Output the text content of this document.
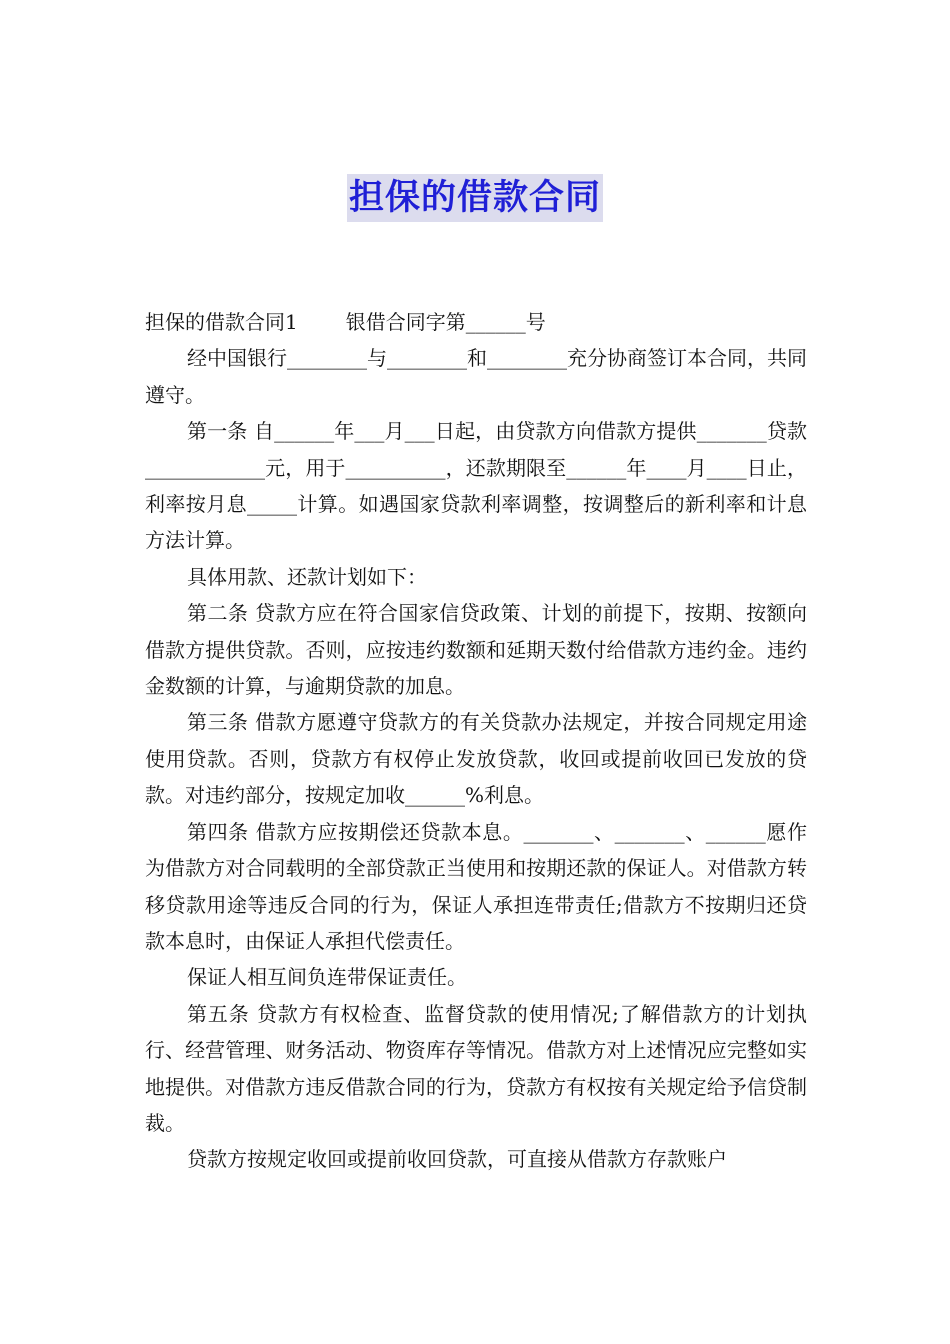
担保的借款合同

担保的借款合同1 银借合同字第______号

经中国银行________与________和________充分协商签订本合同，共同遵守。

第一条 自______年___月___日起，由贷款方向借款方提供_______贷款____________元，用于__________，还款期限至______年____月____日止，利率按月息_____计算。如遇国家贷款利率调整，按调整后的新利率和计息方法计算。

具体用款、还款计划如下：

第二条 贷款方应在符合国家信贷政策、计划的前提下，按期、按额向借款方提供贷款。否则，应按违约数额和延期天数付给借款方违约金。违约金数额的计算，与逾期贷款的加息。

第三条 借款方愿遵守贷款方的有关贷款办法规定，并按合同规定用途使用贷款。否则，贷款方有权停止发放贷款，收回或提前收回已发放的贷款。对违约部分，按规定加收______%利息。

第四条 借款方应按期偿还贷款本息。_______、_______、______愿作为借款方对合同载明的全部贷款正当使用和按期还款的保证人。对借款方转移贷款用途等违反合同的行为，保证人承担连带责任;借款方不按期归还贷款本息时，由保证人承担代偿责任。

保证人相互间负连带保证责任。

第五条 贷款方有权检查、监督贷款的使用情况;了解借款方的计划执行、经营管理、财务活动、物资库存等情况。借款方对上述情况应完整如实地提供。对借款方违反借款合同的行为，贷款方有权按有关规定给予信贷制裁。

贷款方按规定收回或提前收回贷款，可直接从借款方存款账户
